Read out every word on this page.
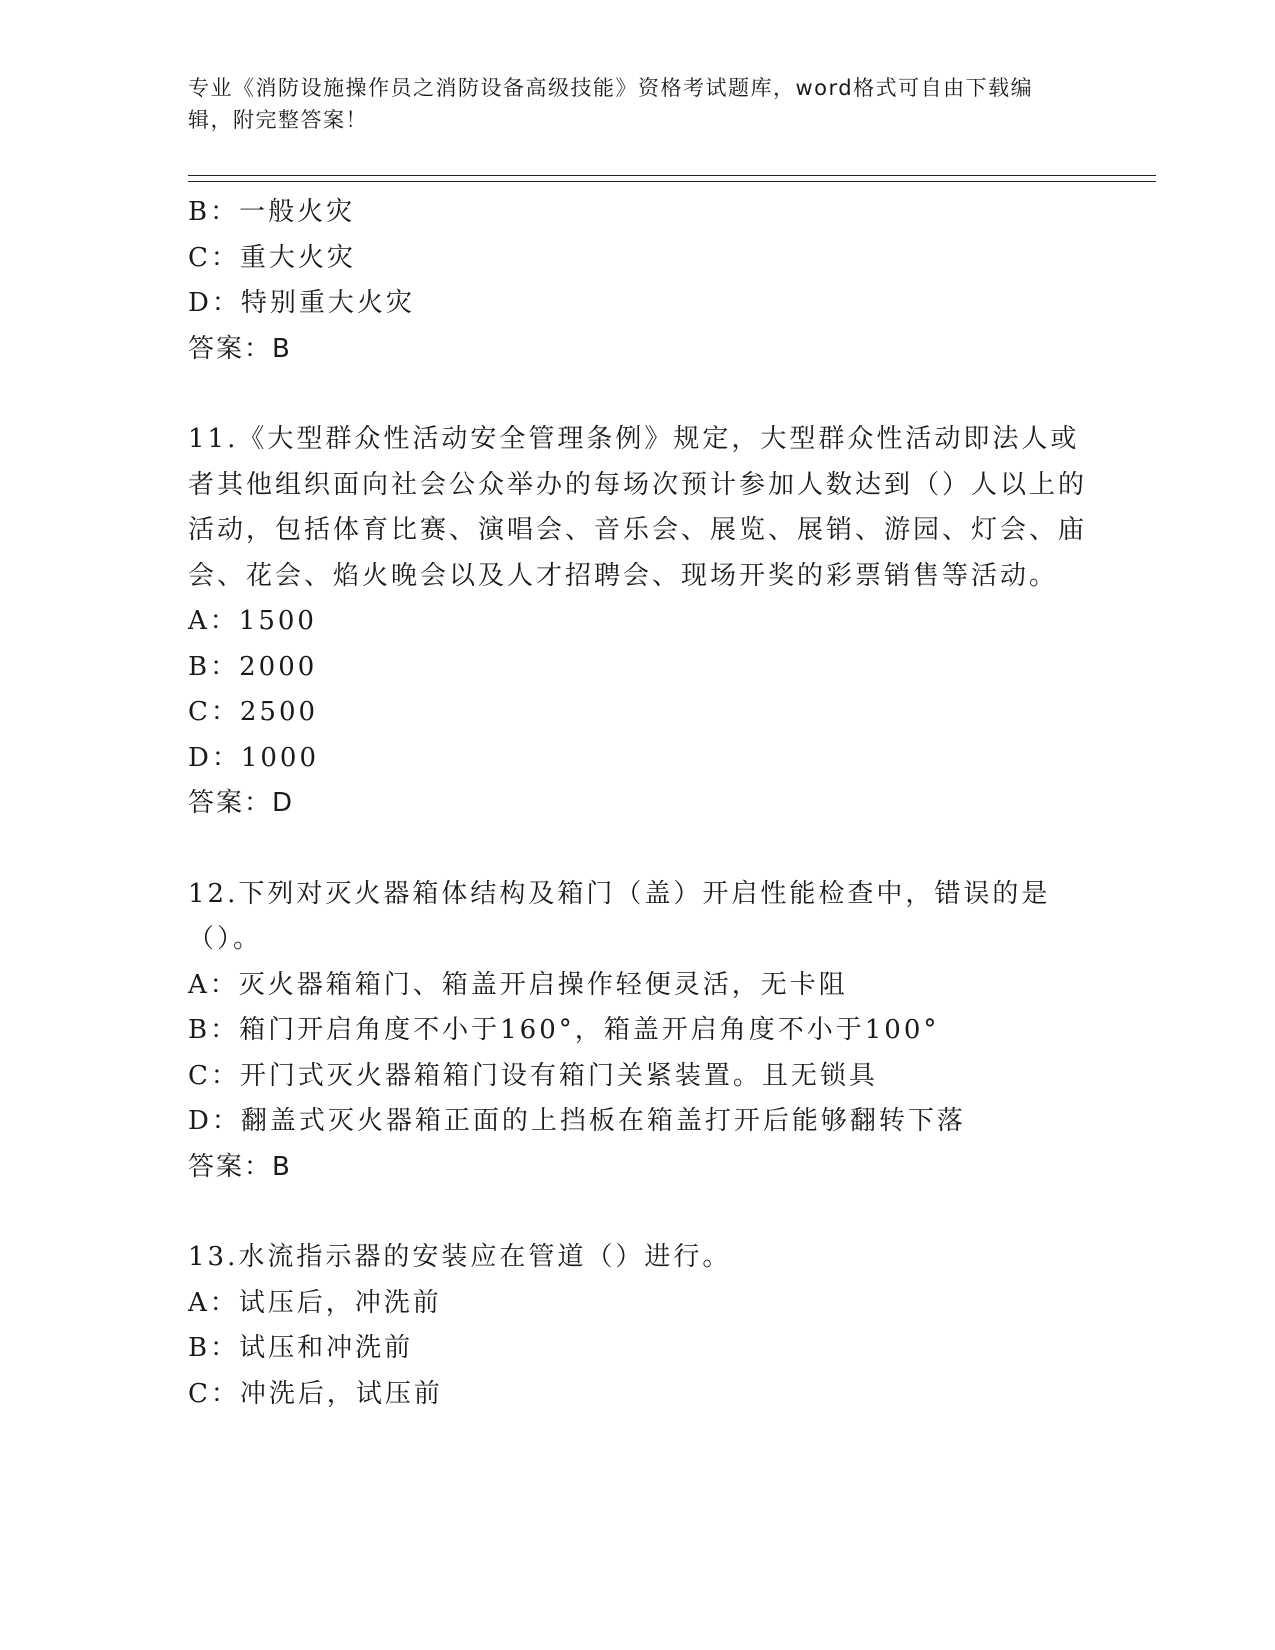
专业《消防设施操作员之消防设备高级技能》资格考试题库，word格式可自由下载编辑，附完整答案！
B：一般火灾
C：重大火灾
D：特别重大火灾
答案：B
11.《大型群众性活动安全管理条例》规定，大型群众性活动即法人或者其他组织面向社会公众举办的每场次预计参加人数达到（）人以上的活动，包括体育比赛、演唱会、音乐会、展览、展销、游园、灯会、庙会、花会、焰火晚会以及人才招聘会、现场开奖的彩票销售等活动。
A：1500
B：2000
C：2500
D：1000
答案：D
12.下列对灭火器箱体结构及箱门（盖）开启性能检查中，错误的是（）。
A：灭火器箱箱门、箱盖开启操作轻便灵活，无卡阻
B：箱门开启角度不小于160°，箱盖开启角度不小于100°
C：开门式灭火器箱箱门设有箱门关紧装置。且无锁具
D：翻盖式灭火器箱正面的上挡板在箱盖打开后能够翻转下落
答案：B
13.水流指示器的安装应在管道（）进行。
A：试压后，冲洗前
B：试压和冲洗前
C：冲洗后，试压前
